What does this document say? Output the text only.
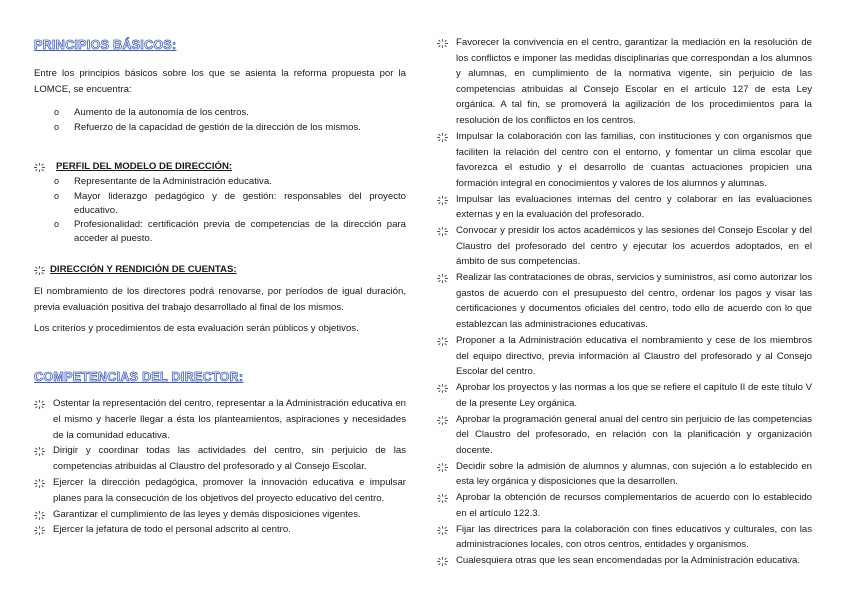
PRINCIPIOS BÁSICOS:
Entre los principios básicos sobre los que se asienta la reforma propuesta por la LOMCE, se encuentra:
o Aumento de la autonomía de los centros.
o Refuerzo de la capacidad de gestión de la dirección de los mismos.
PERFIL DEL MODELO DE DIRECCIÓN:
o Representante de la Administración educativa.
o Mayor liderazgo pedagógico y de gestión: responsables del proyecto educativo.
o Profesionalidad: certificación previa de competencias de la dirección para acceder al puesto.
DIRECCIÓN Y RENDICIÓN DE CUENTAS:
El nombramiento de los directores podrá renovarse, por períodos de igual duración, previa evaluación positiva del trabajo desarrollado al final de los mismos.
Los criterios y procedimientos de esta evaluación serán públicos y objetivos.
COMPETENCIAS DEL DIRECTOR:
Ostentar la representación del centro, representar a la Administración educativa en el mismo y hacerle llegar a ésta los planteamientos, aspiraciones y necesidades de la comunidad educativa.
Dirigir y coordinar todas las actividades del centro, sin perjuicio de las competencias atribuidas al Claustro del profesorado y al Consejo Escolar.
Ejercer la dirección pedagógica, promover la innovación educativa e impulsar planes para la consecución de los objetivos del proyecto educativo del centro.
Garantizar el cumplimiento de las leyes y demás disposiciones vigentes.
Ejercer la jefatura de todo el personal adscrito al centro.
Favorecer la convivencia en el centro, garantizar la mediación en la resolución de los conflictos e imponer las medidas disciplinarias que correspondan a los alumnos y alumnas, en cumplimiento de la normativa vigente, sin perjuicio de las competencias atribuidas al Consejo Escolar en el artículo 127 de esta Ley orgánica. A tal fin, se promoverá la agilización de los procedimientos para la resolución de los conflictos en los centros.
Impulsar la colaboración con las familias, con instituciones y con organismos que faciliten la relación del centro con el entorno, y fomentar un clima escolar que favorezca el estudio y el desarrollo de cuantas actuaciones propicien una formación integral en conocimientos y valores de los alumnos y alumnas.
Impulsar las evaluaciones internas del centro y colaborar en las evaluaciones externas y en la evaluación del profesorado.
Convocar y presidir los actos académicos y las sesiones del Consejo Escolar y del Claustro del profesorado del centro y ejecutar los acuerdos adoptados, en el ámbito de sus competencias.
Realizar las contrataciones de obras, servicios y suministros, así como autorizar los gastos de acuerdo con el presupuesto del centro, ordenar los pagos y visar las certificaciones y documentos oficiales del centro, todo ello de acuerdo con lo que establezcan las administraciones educativas.
Proponer a la Administración educativa el nombramiento y cese de los miembros del equipo directivo, previa información al Claustro del profesorado y al Consejo Escolar del centro.
Aprobar los proyectos y las normas a los que se refiere el capítulo II de este título V de la presente Ley orgánica.
Aprobar la programación general anual del centro sin perjuicio de las competencias del Claustro del profesorado, en relación con la planificación y organización docente.
Decidir sobre la admisión de alumnos y alumnas, con sujeción a lo establecido en esta ley orgánica y disposiciones que la desarrollen.
Aprobar la obtención de recursos complementarios de acuerdo con lo establecido en el artículo 122.3.
Fijar las directrices para la colaboración con fines educativos y culturales, con las administraciones locales, con otros centros, entidades y organismos.
Cualesquiera otras que les sean encomendadas por la Administración educativa.
